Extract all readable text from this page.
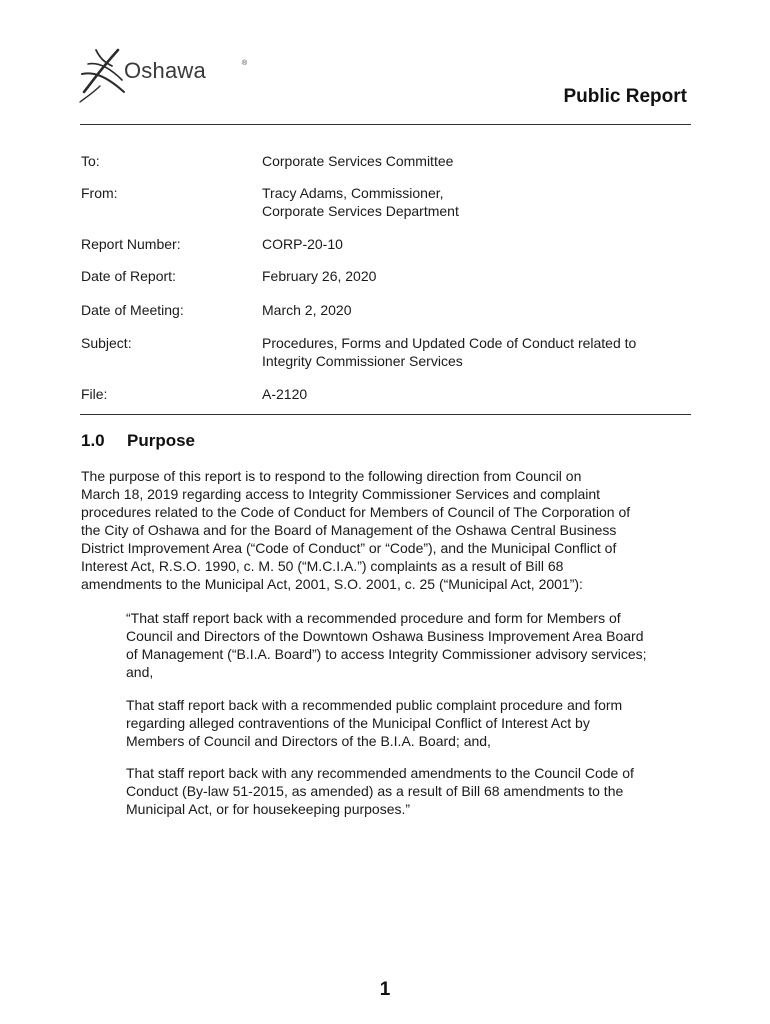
Oshawa	®
Public Report
To:	Corporate Services Committee
From:	Tracy Adams, Commissioner,
Corporate Services Department
Report Number:	CORP-20-10
Date of Report:	February 26, 2020
Date of Meeting:	March 2, 2020
Subject:	Procedures, Forms and Updated Code of Conduct related to
Integrity Commissioner Services
File:	A-2120
1.0 Purpose
The purpose of this report is to respond to the following direction from Council on
March 18, 2019 regarding access to Integrity Commissioner Services and complaint
procedures related to the Code of Conduct for Members of Council of The Corporation of
the City of Oshawa and for the Board of Management of the Oshawa Central Business
District Improvement Area (“Code of Conduct” or “Code”), and the Municipal Conflict of
Interest Act, R.S.O. 1990, c. M. 50 (“M.C.I.A.”) complaints as a result of Bill 68
amendments to the Municipal Act, 2001, S.O. 2001, c. 25 (“Municipal Act, 2001”):
“That staff report back with a recommended procedure and form for Members of
Council and Directors of the Downtown Oshawa Business Improvement Area Board
of Management (“B.I.A. Board”) to access Integrity Commissioner advisory services;
and,
That staff report back with a recommended public complaint procedure and form
regarding alleged contraventions of the Municipal Conflict of Interest Act by
Members of Council and Directors of the B.I.A. Board; and,
That staff report back with any recommended amendments to the Council Code of
Conduct (By-law 51-2015, as amended) as a result of Bill 68 amendments to the
Municipal Act, or for housekeeping purposes.”
1
